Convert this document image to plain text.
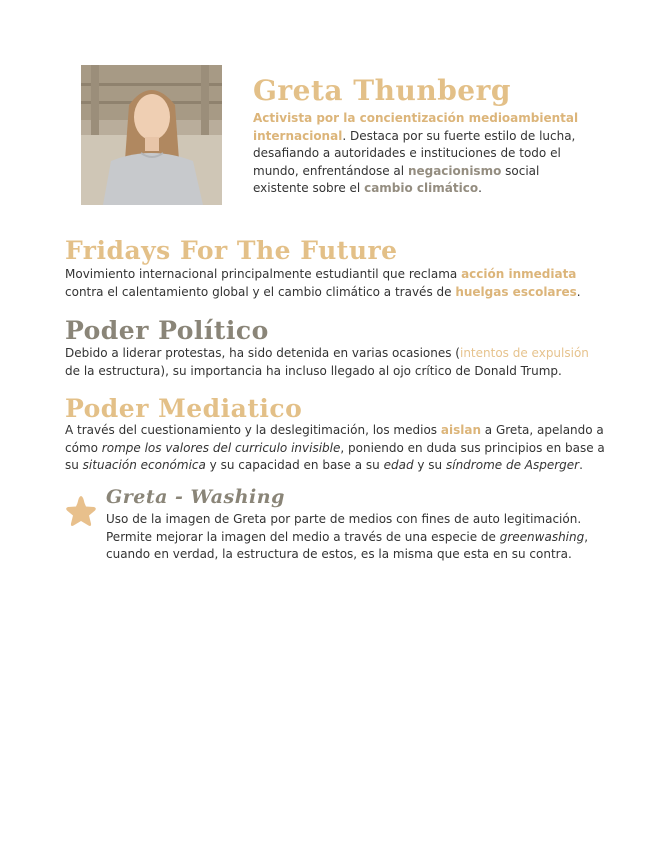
Greta Thunberg

Activista por la concientización medioambiental internacional. Destaca por su fuerte estilo de lucha, desafiando a autoridades e instituciones de todo el mundo, enfrentándose al negacionismo social existente sobre el cambio climático.

Fridays For The Future

Movimiento internacional principalmente estudiantil que reclama acción inmediata contra el calentamiento global y el cambio climático a través de huelgas escolares.

Poder Político

Debido a liderar protestas, ha sido detenida en varias ocasiones (intentos de expulsión de la estructura), su importancia ha incluso llegado al ojo crítico de Donald Trump.

Poder Mediatico

A través del cuestionamiento y la deslegitimación, los medios aislan a Greta, apelando a cómo rompe los valores del curriculo invisible, poniendo en duda sus principios en base a su situación económica y su capacidad en base a su edad y su síndrome de Asperger.

Greta - Washing

Uso de la imagen de Greta por parte de medios con fines de auto legitimación. Permite mejorar la imagen del medio a través de una especie de greenwashing, cuando en verdad, la estructura de estos, es la misma que esta en su contra.
